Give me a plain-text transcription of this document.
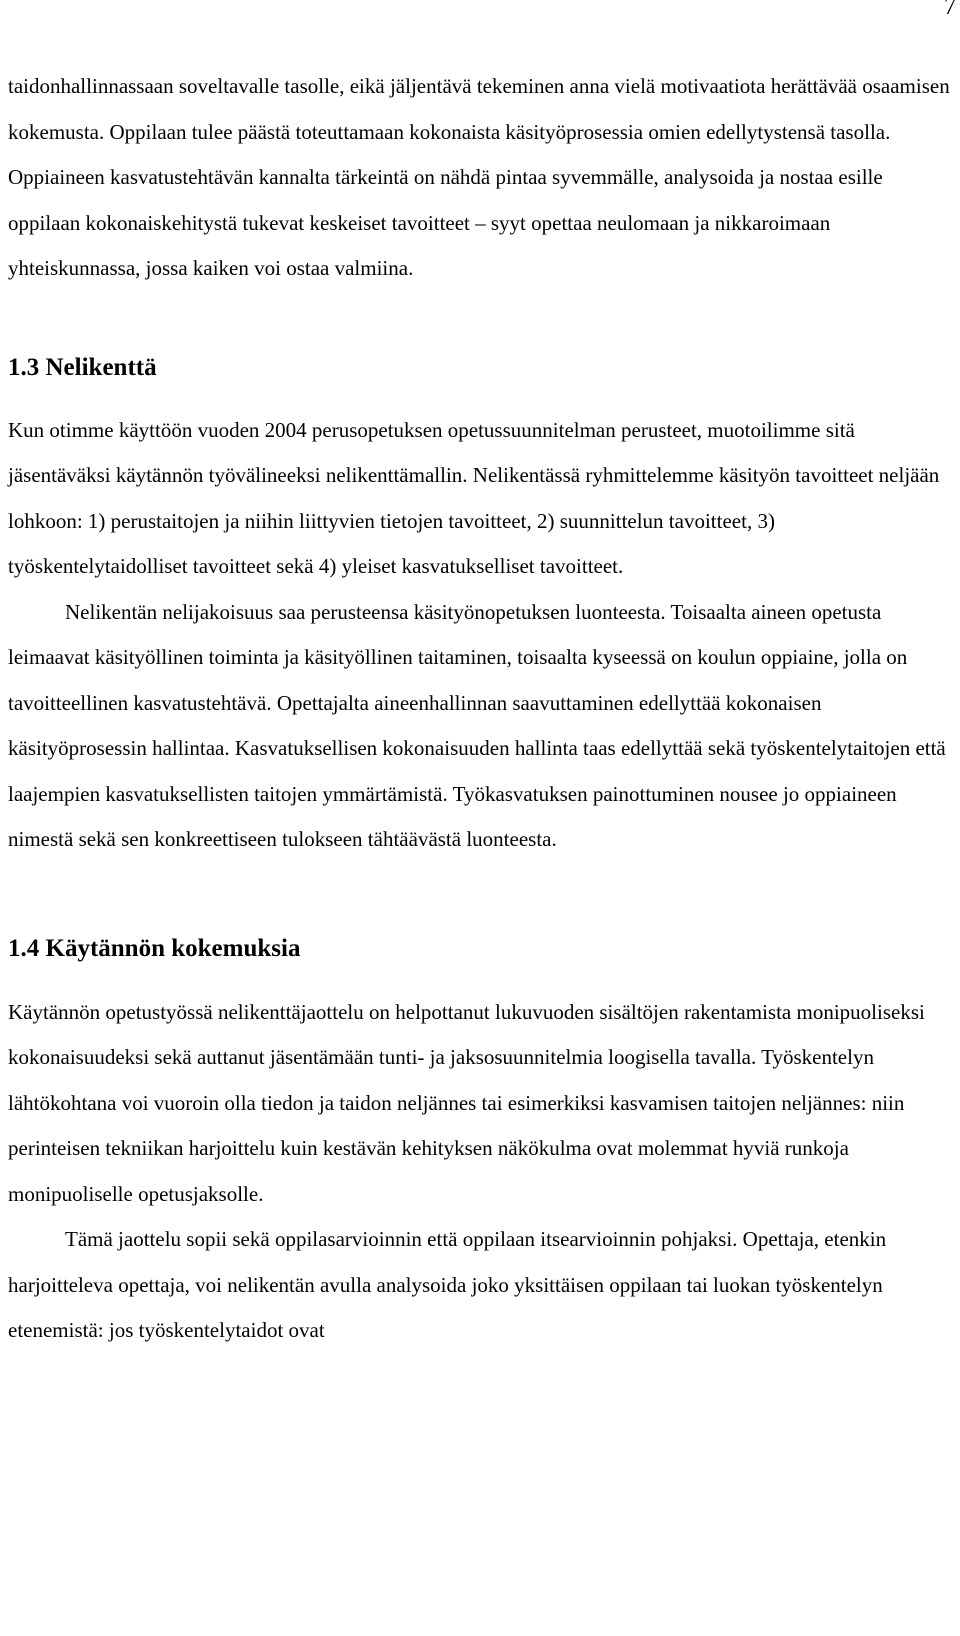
7

taidonhallinnassaan soveltavalle tasolle, eikä jäljentävä tekeminen anna vielä motivaatiota herättävää osaamisen kokemusta. Oppilaan tulee päästä toteuttamaan kokonaista käsityöprosessia omien edellytystensä tasolla. Oppiaineen kasvatustehtävän kannalta tärkeintä on nähdä pintaa syvemmälle, analysoida ja nostaa esille oppilaan kokonaiskehitystä tukevat keskeiset tavoitteet – syyt opettaa neulomaan ja nikkaroimaan yhteiskunnassa, jossa kaiken voi ostaa valmiina.

1.3 Nelikenttä

Kun otimme käyttöön vuoden 2004 perusopetuksen opetussuunnitelman perusteet, muotoilimme sitä jäsentäväksi käytännön työvälineeksi nelikenttämallin. Nelikentässä ryhmittelemme käsityön tavoitteet neljään lohkoon: 1) perustaitojen ja niihin liittyvien tietojen tavoitteet, 2) suunnittelun tavoitteet, 3) työskentelytaidolliset tavoitteet sekä 4) yleiset kasvatukselliset tavoitteet.

Nelikentän nelijakoisuus saa perusteensa käsityönopetuksen luonteesta. Toisaalta aineen opetusta leimaavat käsityöllinen toiminta ja käsityöllinen taitaminen, toisaalta kyseessä on koulun oppiaine, jolla on tavoitteellinen kasvatustehtävä. Opettajalta aineenhallinnan saavuttaminen edellyttää kokonaisen käsityöprosessin hallintaa. Kasvatuksellisen kokonaisuuden hallinta taas edellyttää sekä työskentelytaitojen että laajempien kasvatuksellisten taitojen ymmärtämistä. Työkasvatuksen painottuminen nousee jo oppiaineen nimestä sekä sen konkreettiseen tulokseen tähtäävästä luonteesta.

1.4 Käytännön kokemuksia

Käytännön opetustyössä nelikenttäjaottelu on helpottanut lukuvuoden sisältöjen rakentamista monipuoliseksi kokonaisuudeksi sekä auttanut jäsentämään tunti- ja jaksosuunnitelmia loogisella tavalla. Työskentelyn lähtökohtana voi vuoroin olla tiedon ja taidon neljännes tai esimerkiksi kasvamisen taitojen neljännes: niin perinteisen tekniikan harjoittelu kuin kestävän kehityksen näkökulma ovat molemmat hyviä runkoja monipuoliselle opetusjaksolle.

Tämä jaottelu sopii sekä oppilasarvioinnin että oppilaan itsearvioinnin pohjaksi. Opettaja, etenkin harjoitteleva opettaja, voi nelikentän avulla analysoida joko yksittäisen oppilaan tai luokan työskentelyn etenemistä: jos työskentelytaidot ovat
